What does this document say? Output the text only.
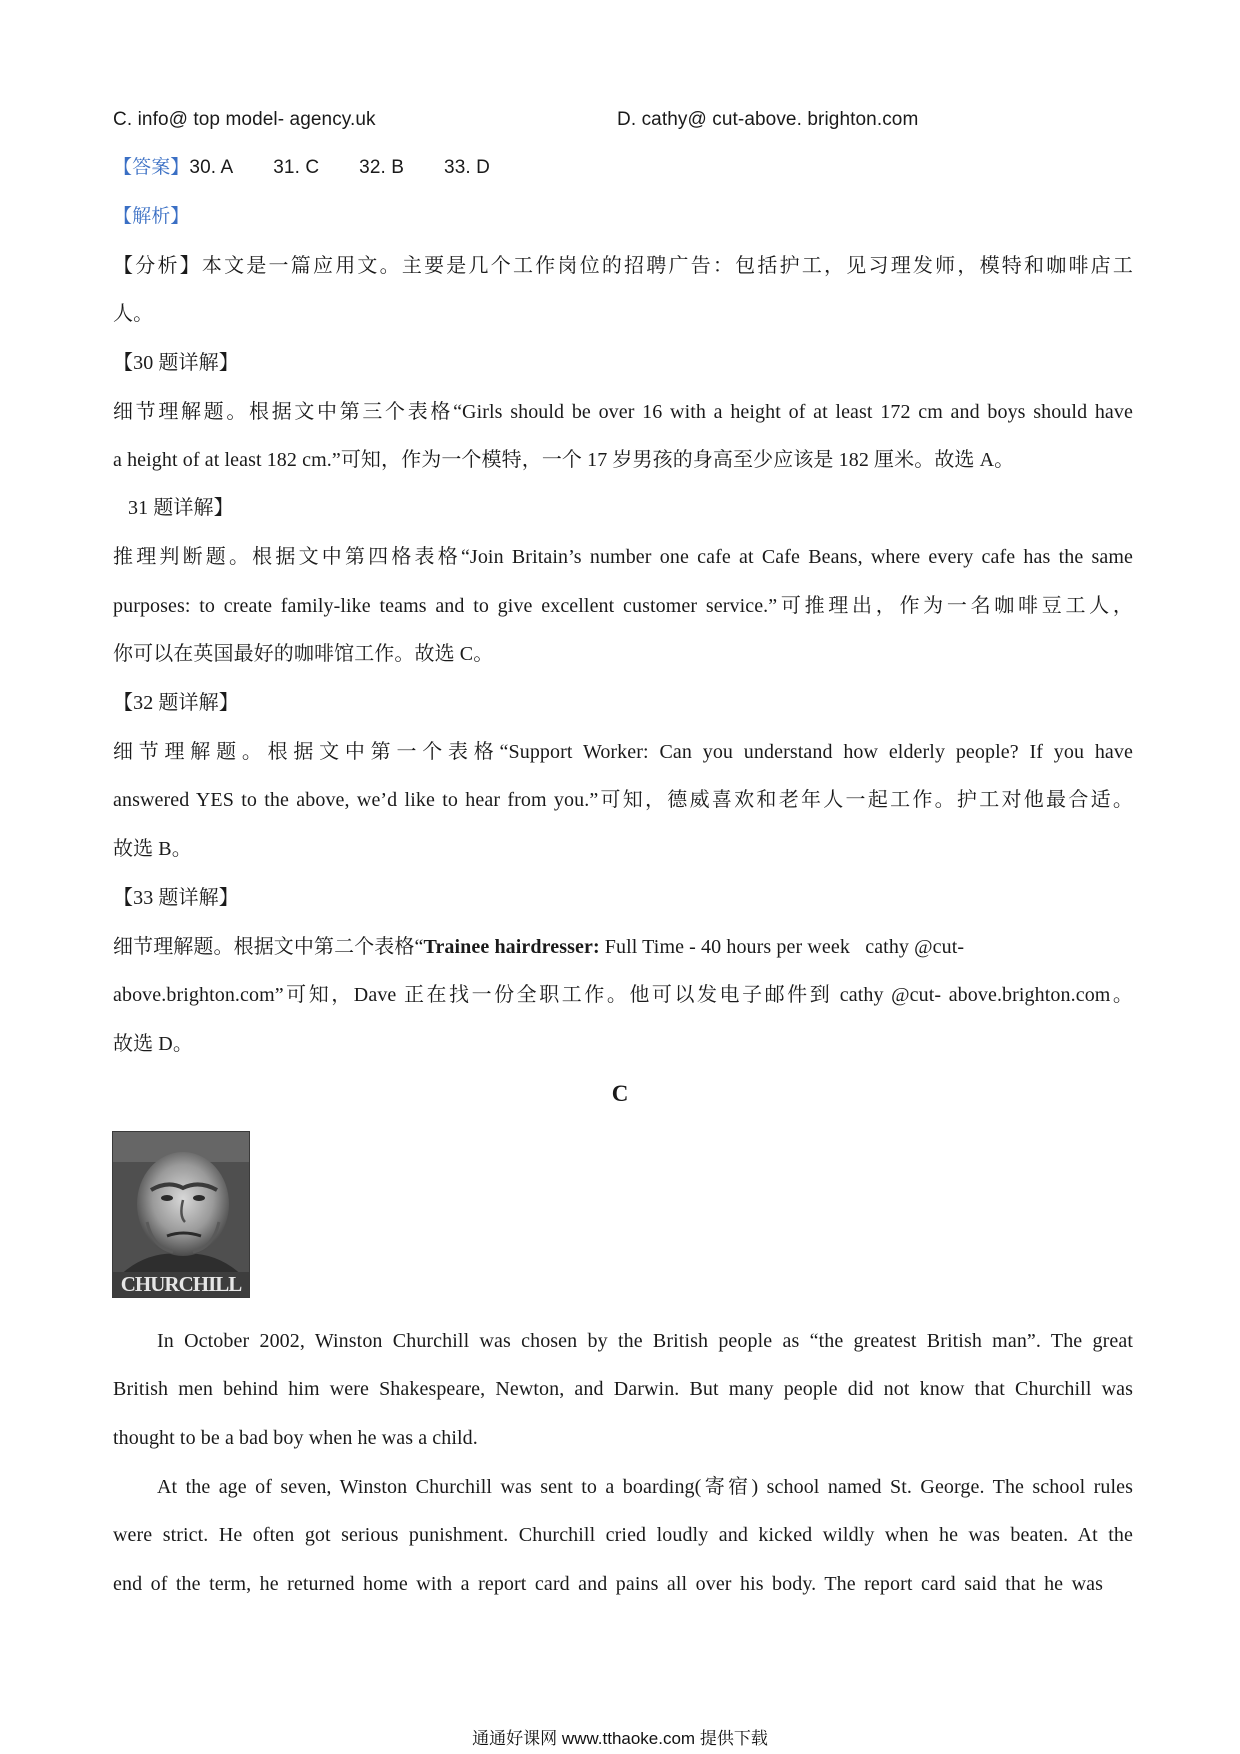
C. info@ top model- agency.uk	D. cathy@ cut-above. brighton.com
【答案】30. A 31. C 32. B 33. D
【解析】
【分析】本文是一篇应用文。主要是几个工作岗位的招聘广告：包括护工，见习理发师，模特和咖啡店工
人。
【30 题详解】
细节理解题。根据文中第三个表格“Girls should be over 16 with a height of at least 172 cm and boys should have
a height of at least 182 cm.”可知，作为一个模特，一个 17 岁男孩的身高至少应该是 182 厘米。故选 A。
31 题详解】
推理判断题。根据文中第四格表格“Join Britain’s number one cafe at Cafe Beans, where every cafe has the same
purposes: to create family-like teams and to give excellent customer service.”可推理出，作为一名咖啡豆工人，
你可以在英国最好的咖啡馆工作。故选 C。
【32 题详解】
细节理解题。根据文中第一个表格“Support Worker: Can you understand how elderly people? If you have
answered YES to the above, we’d like to hear from you.”可知，德威喜欢和老年人一起工作。护工对他最合适。
故选 B。
【33 题详解】
细节理解题。根据文中第二个表格“Trainee hairdresser: Full Time - 40 hours per week   cathy @cut-
above.brighton.com”可知，Dave 正在找一份全职工作。他可以发电子邮件到 cathy @cut- above.brighton.com。
故选 D。
C
CHURCHILL
In October 2002, Winston Churchill was chosen by the British people as “the greatest British man”. The great
British men behind him were Shakespeare, Newton, and Darwin. But many people did not know that Churchill was
thought to be a bad boy when he was a child.
At the age of seven, Winston Churchill was sent to a boarding(寄宿) school named St. George. The school rules
were strict. He often got serious punishment. Churchill cried loudly and kicked wildly when he was beaten. At the
end of the term, he returned home with a report card and pains all over his body. The report card said that he was
通通好课网 www.tthaoke.com 提供下载
